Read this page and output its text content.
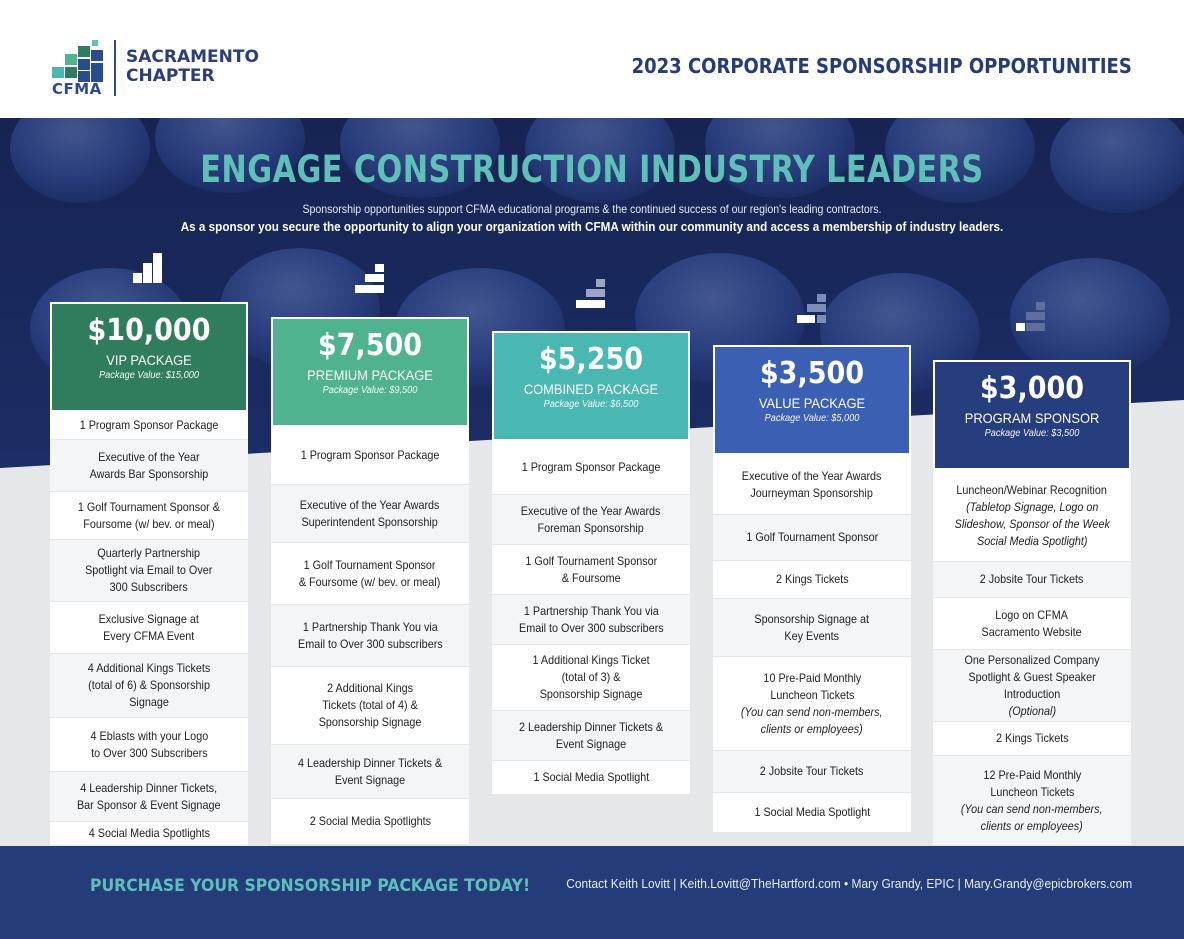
CFMA
SACRAMENTO
CHAPTER	2023 CORPORATE SPONSORSHIP OPPORTUNITIES
ENGAGE CONSTRUCTION INDUSTRY LEADERS
Sponsorship opportunities support CFMA educational programs & the continued success of our region's leading contractors.
As a sponsor you secure the opportunity to align your organization with CFMA within our community and access a membership of industry leaders.
$10,000
VIP PACKAGE
Package Value: $15,000
1 Program Sponsor Package
Executive of the Year
Awards Bar Sponsorship
1 Golf Tournament Sponsor &
Foursome (w/ bev. or meal)
Quarterly Partnership
Spotlight via Email to Over
300 Subscribers
Exclusive Signage at
Every CFMA Event
4 Additional Kings Tickets
(total of 6) & Sponsorship
Signage
4 Eblasts with your Logo
to Over 300 Subscribers
4 Leadership Dinner Tickets,
Bar Sponsor & Event Signage
4 Social Media Spotlights
$7,500
PREMIUM PACKAGE
Package Value: $9,500
1 Program Sponsor Package
Executive of the Year Awards
Superintendent Sponsorship
1 Golf Tournament Sponsor
& Foursome (w/ bev. or meal)
1 Partnership Thank You via
Email to Over 300 subscribers
2 Additional Kings
Tickets (total of 4) &
Sponsorship Signage
4 Leadership Dinner Tickets &
Event Signage
2 Social Media Spotlights
$5,250
COMBINED PACKAGE
Package Value: $6,500
1 Program Sponsor Package
Executive of the Year Awards
Foreman Sponsorship
1 Golf Tournament Sponsor
& Foursome
1 Partnership Thank You via
Email to Over 300 subscribers
1 Additional Kings Ticket
(total of 3) &
Sponsorship Signage
2 Leadership Dinner Tickets &
Event Signage
1 Social Media Spotlight
$3,500
VALUE PACKAGE
Package Value: $5,000
Executive of the Year Awards
Journeyman Sponsorship
1 Golf Tournament Sponsor
2 Kings Tickets
Sponsorship Signage at
Key Events
10 Pre-Paid Monthly
Luncheon Tickets
(You can send non-members,
clients or employees)
2 Jobsite Tour Tickets
1 Social Media Spotlight
$3,000
PROGRAM SPONSOR
Package Value: $3,500
Luncheon/Webinar Recognition
(Tabletop Signage, Logo on
Slideshow, Sponsor of the Week
Social Media Spotlight)
2 Jobsite Tour Tickets
Logo on CFMA
Sacramento Website
One Personalized Company
Spotlight & Guest Speaker
Introduction
(Optional)
2 Kings Tickets
12 Pre-Paid Monthly
Luncheon Tickets
(You can send non-members,
clients or employees)
PURCHASE YOUR SPONSORSHIP PACKAGE TODAY!	Contact Keith Lovitt | Keith.Lovitt@TheHartford.com • Mary Grandy, EPIC | Mary.Grandy@epicbrokers.com
